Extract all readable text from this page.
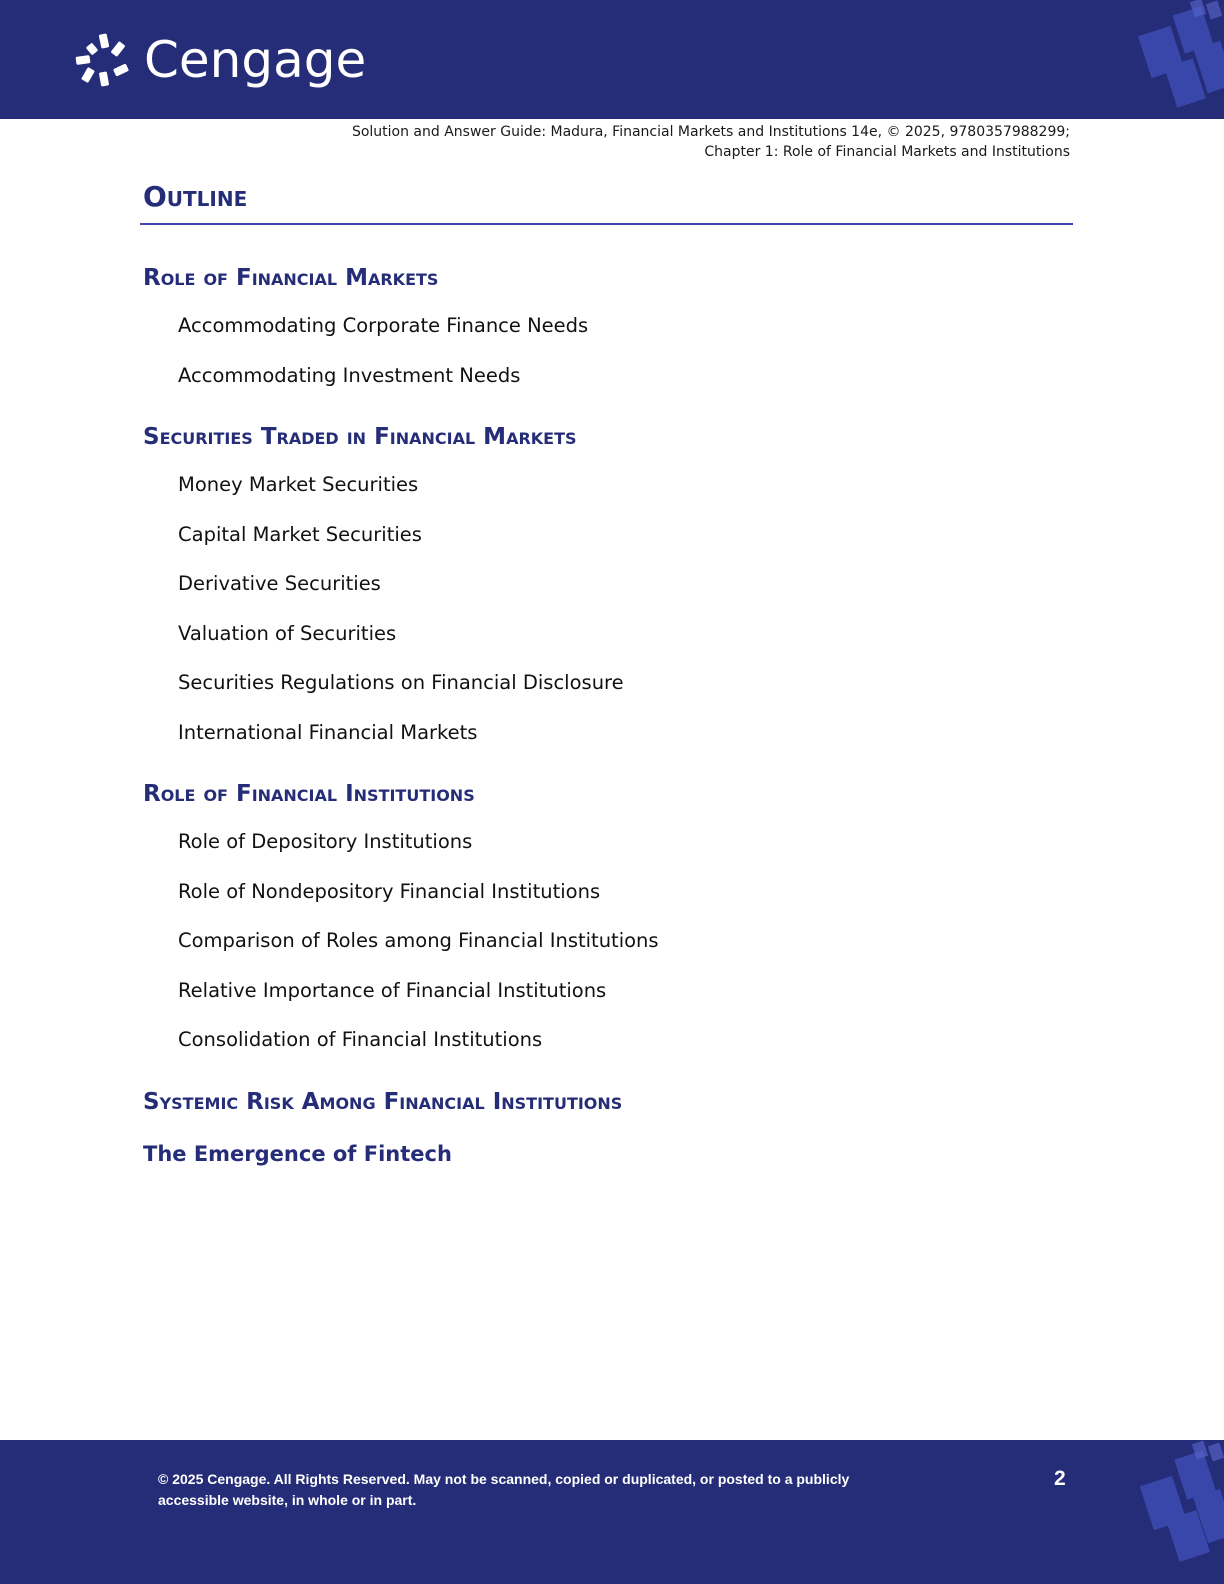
Cengage
Solution and Answer Guide: Madura, Financial Markets and Institutions 14e, © 2025, 9780357988299;
Chapter 1: Role of Financial Markets and Institutions
Outline
Role of Financial Markets
Accommodating Corporate Finance Needs
Accommodating Investment Needs
Securities Traded in Financial Markets
Money Market Securities
Capital Market Securities
Derivative Securities
Valuation of Securities
Securities Regulations on Financial Disclosure
International Financial Markets
Role of Financial Institutions
Role of Depository Institutions
Role of Nondepository Financial Institutions
Comparison of Roles among Financial Institutions
Relative Importance of Financial Institutions
Consolidation of Financial Institutions
Systemic Risk Among Financial Institutions
The Emergence of Fintech
© 2025 Cengage. All Rights Reserved. May not be scanned, copied or duplicated, or posted to a publicly accessible website, in whole or in part.
2
